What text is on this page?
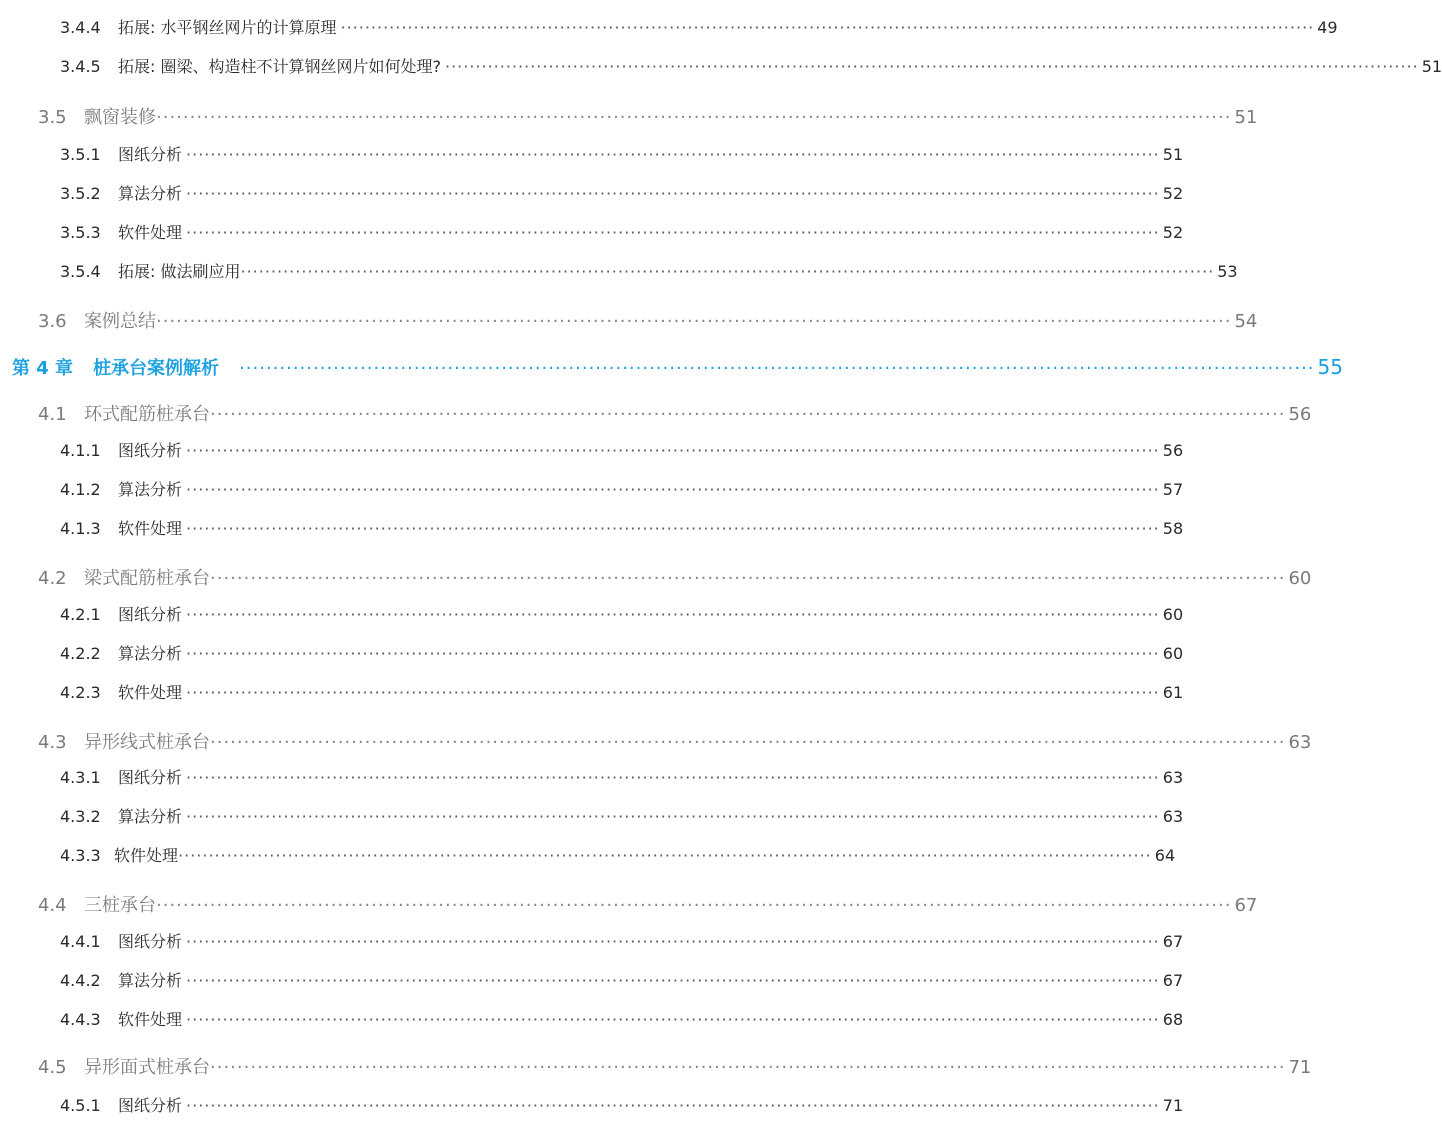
3.4.4 拓展: 水平钢丝网片的计算原理 ································································································································································ 49
3.4.5 拓展: 圈梁、构造柱不计算钢丝网片如何处理? ································································································································································ 51
3.5 飘窗装修 ································································································································································ 51
3.5.1 图纸分析 ································································································································································ 51
3.5.2 算法分析 ································································································································································ 52
3.5.3 软件处理 ································································································································································ 52
3.5.4 拓展: 做法刷应用 ································································································································································ 53
3.6 案例总结 ································································································································································ 54
第 4 章 桩承台案例解析 ································································································································································ 55
4.1 环式配筋桩承台 ································································································································································ 56
4.1.1 图纸分析 ································································································································································ 56
4.1.2 算法分析 ································································································································································ 57
4.1.3 软件处理 ································································································································································ 58
4.2 梁式配筋桩承台 ································································································································································ 60
4.2.1 图纸分析 ································································································································································ 60
4.2.2 算法分析 ································································································································································ 60
4.2.3 软件处理 ································································································································································ 61
4.3 异形线式桩承台 ································································································································································ 63
4.3.1 图纸分析 ································································································································································ 63
4.3.2 算法分析 ································································································································································ 63
4.3.3 软件处理 ································································································································································ 64
4.4 三桩承台 ································································································································································ 67
4.4.1 图纸分析 ································································································································································ 67
4.4.2 算法分析 ································································································································································ 67
4.4.3 软件处理 ································································································································································ 68
4.5 异形面式桩承台 ································································································································································ 71
4.5.1 图纸分析 ································································································································································ 71
